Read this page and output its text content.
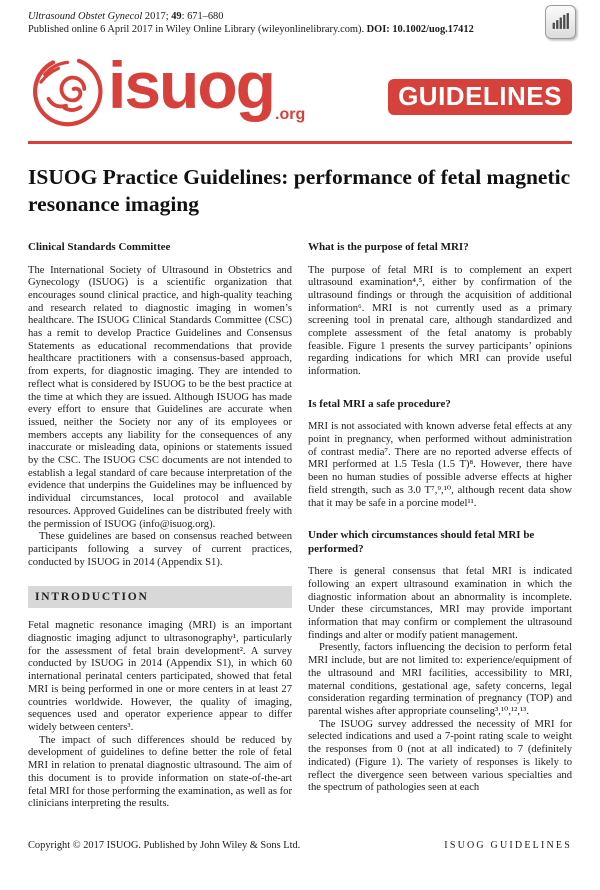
Ultrasound Obstet Gynecol 2017; 49: 671–680
Published online 6 April 2017 in Wiley Online Library (wileyonlinelibrary.com). DOI: 10.1002/uog.17412
isuog .org
GUIDELINES
ISUOG Practice Guidelines: performance of fetal magnetic resonance imaging
Clinical Standards Committee

The International Society of Ultrasound in Obstetrics and Gynecology (ISUOG) is a scientific organization that encourages sound clinical practice, and high-quality teaching and research related to diagnostic imaging in women’s healthcare. The ISUOG Clinical Standards Committee (CSC) has a remit to develop Practice Guidelines and Consensus Statements as educational recommendations that provide healthcare practitioners with a consensus-based approach, from experts, for diagnostic imaging. They are intended to reflect what is considered by ISUOG to be the best practice at the time at which they are issued. Although ISUOG has made every effort to ensure that Guidelines are accurate when issued, neither the Society nor any of its employees or members accepts any liability for the consequences of any inaccurate or misleading data, opinions or statements issued by the CSC. The ISUOG CSC documents are not intended to establish a legal standard of care because interpretation of the evidence that underpins the Guidelines may be influenced by individual circumstances, local protocol and available resources. Approved Guidelines can be distributed freely with the permission of ISUOG (info@isuog.org).

These guidelines are based on consensus reached between participants following a survey of current practices, conducted by ISUOG in 2014 (Appendix S1).

INTRODUCTION

Fetal magnetic resonance imaging (MRI) is an important diagnostic imaging adjunct to ultrasonography¹, particularly for the assessment of fetal brain development². A survey conducted by ISUOG in 2014 (Appendix S1), in which 60 international perinatal centers participated, showed that fetal MRI is being performed in one or more centers in at least 27 countries worldwide. However, the quality of imaging, sequences used and operator experience appear to differ widely between centers³.

The impact of such differences should be reduced by development of guidelines to define better the role of fetal MRI in relation to prenatal diagnostic ultrasound. The aim of this document is to provide information on state-of-the-art fetal MRI for those performing the examination, as well as for clinicians interpreting the results.

What is the purpose of fetal MRI?

The purpose of fetal MRI is to complement an expert ultrasound examination⁴,⁵, either by confirmation of the ultrasound findings or through the acquisition of additional information⁶. MRI is not currently used as a primary screening tool in prenatal care, although standardized and complete assessment of the fetal anatomy is probably feasible. Figure 1 presents the survey participants’ opinions regarding indications for which MRI can provide useful information.

Is fetal MRI a safe procedure?

MRI is not associated with known adverse fetal effects at any point in pregnancy, when performed without administration of contrast media⁷. There are no reported adverse effects of MRI performed at 1.5 Tesla (1.5 T)⁸. However, there have been no human studies of possible adverse effects at higher field strength, such as 3.0 T⁷,⁹,¹⁰, although recent data show that it may be safe in a porcine model¹¹.

Under which circumstances should fetal MRI be performed?

There is general consensus that fetal MRI is indicated following an expert ultrasound examination in which the diagnostic information about an abnormality is incomplete. Under these circumstances, MRI may provide important information that may confirm or complement the ultrasound findings and alter or modify patient management.

Presently, factors influencing the decision to perform fetal MRI include, but are not limited to: experience/equipment of the ultrasound and MRI facilities, accessibility to MRI, maternal conditions, gestational age, safety concerns, legal consideration regarding termination of pregnancy (TOP) and parental wishes after appropriate counseling³,¹⁰,¹²,¹³.

The ISUOG survey addressed the necessity of MRI for selected indications and used a 7-point rating scale to weight the responses from 0 (not at all indicated) to 7 (definitely indicated) (Figure 1). The variety of responses is likely to reflect the divergence seen between various specialties and the spectrum of pathologies seen at each

Copyright © 2017 ISUOG. Published by John Wiley & Sons Ltd.	ISUOG GUIDELINES
